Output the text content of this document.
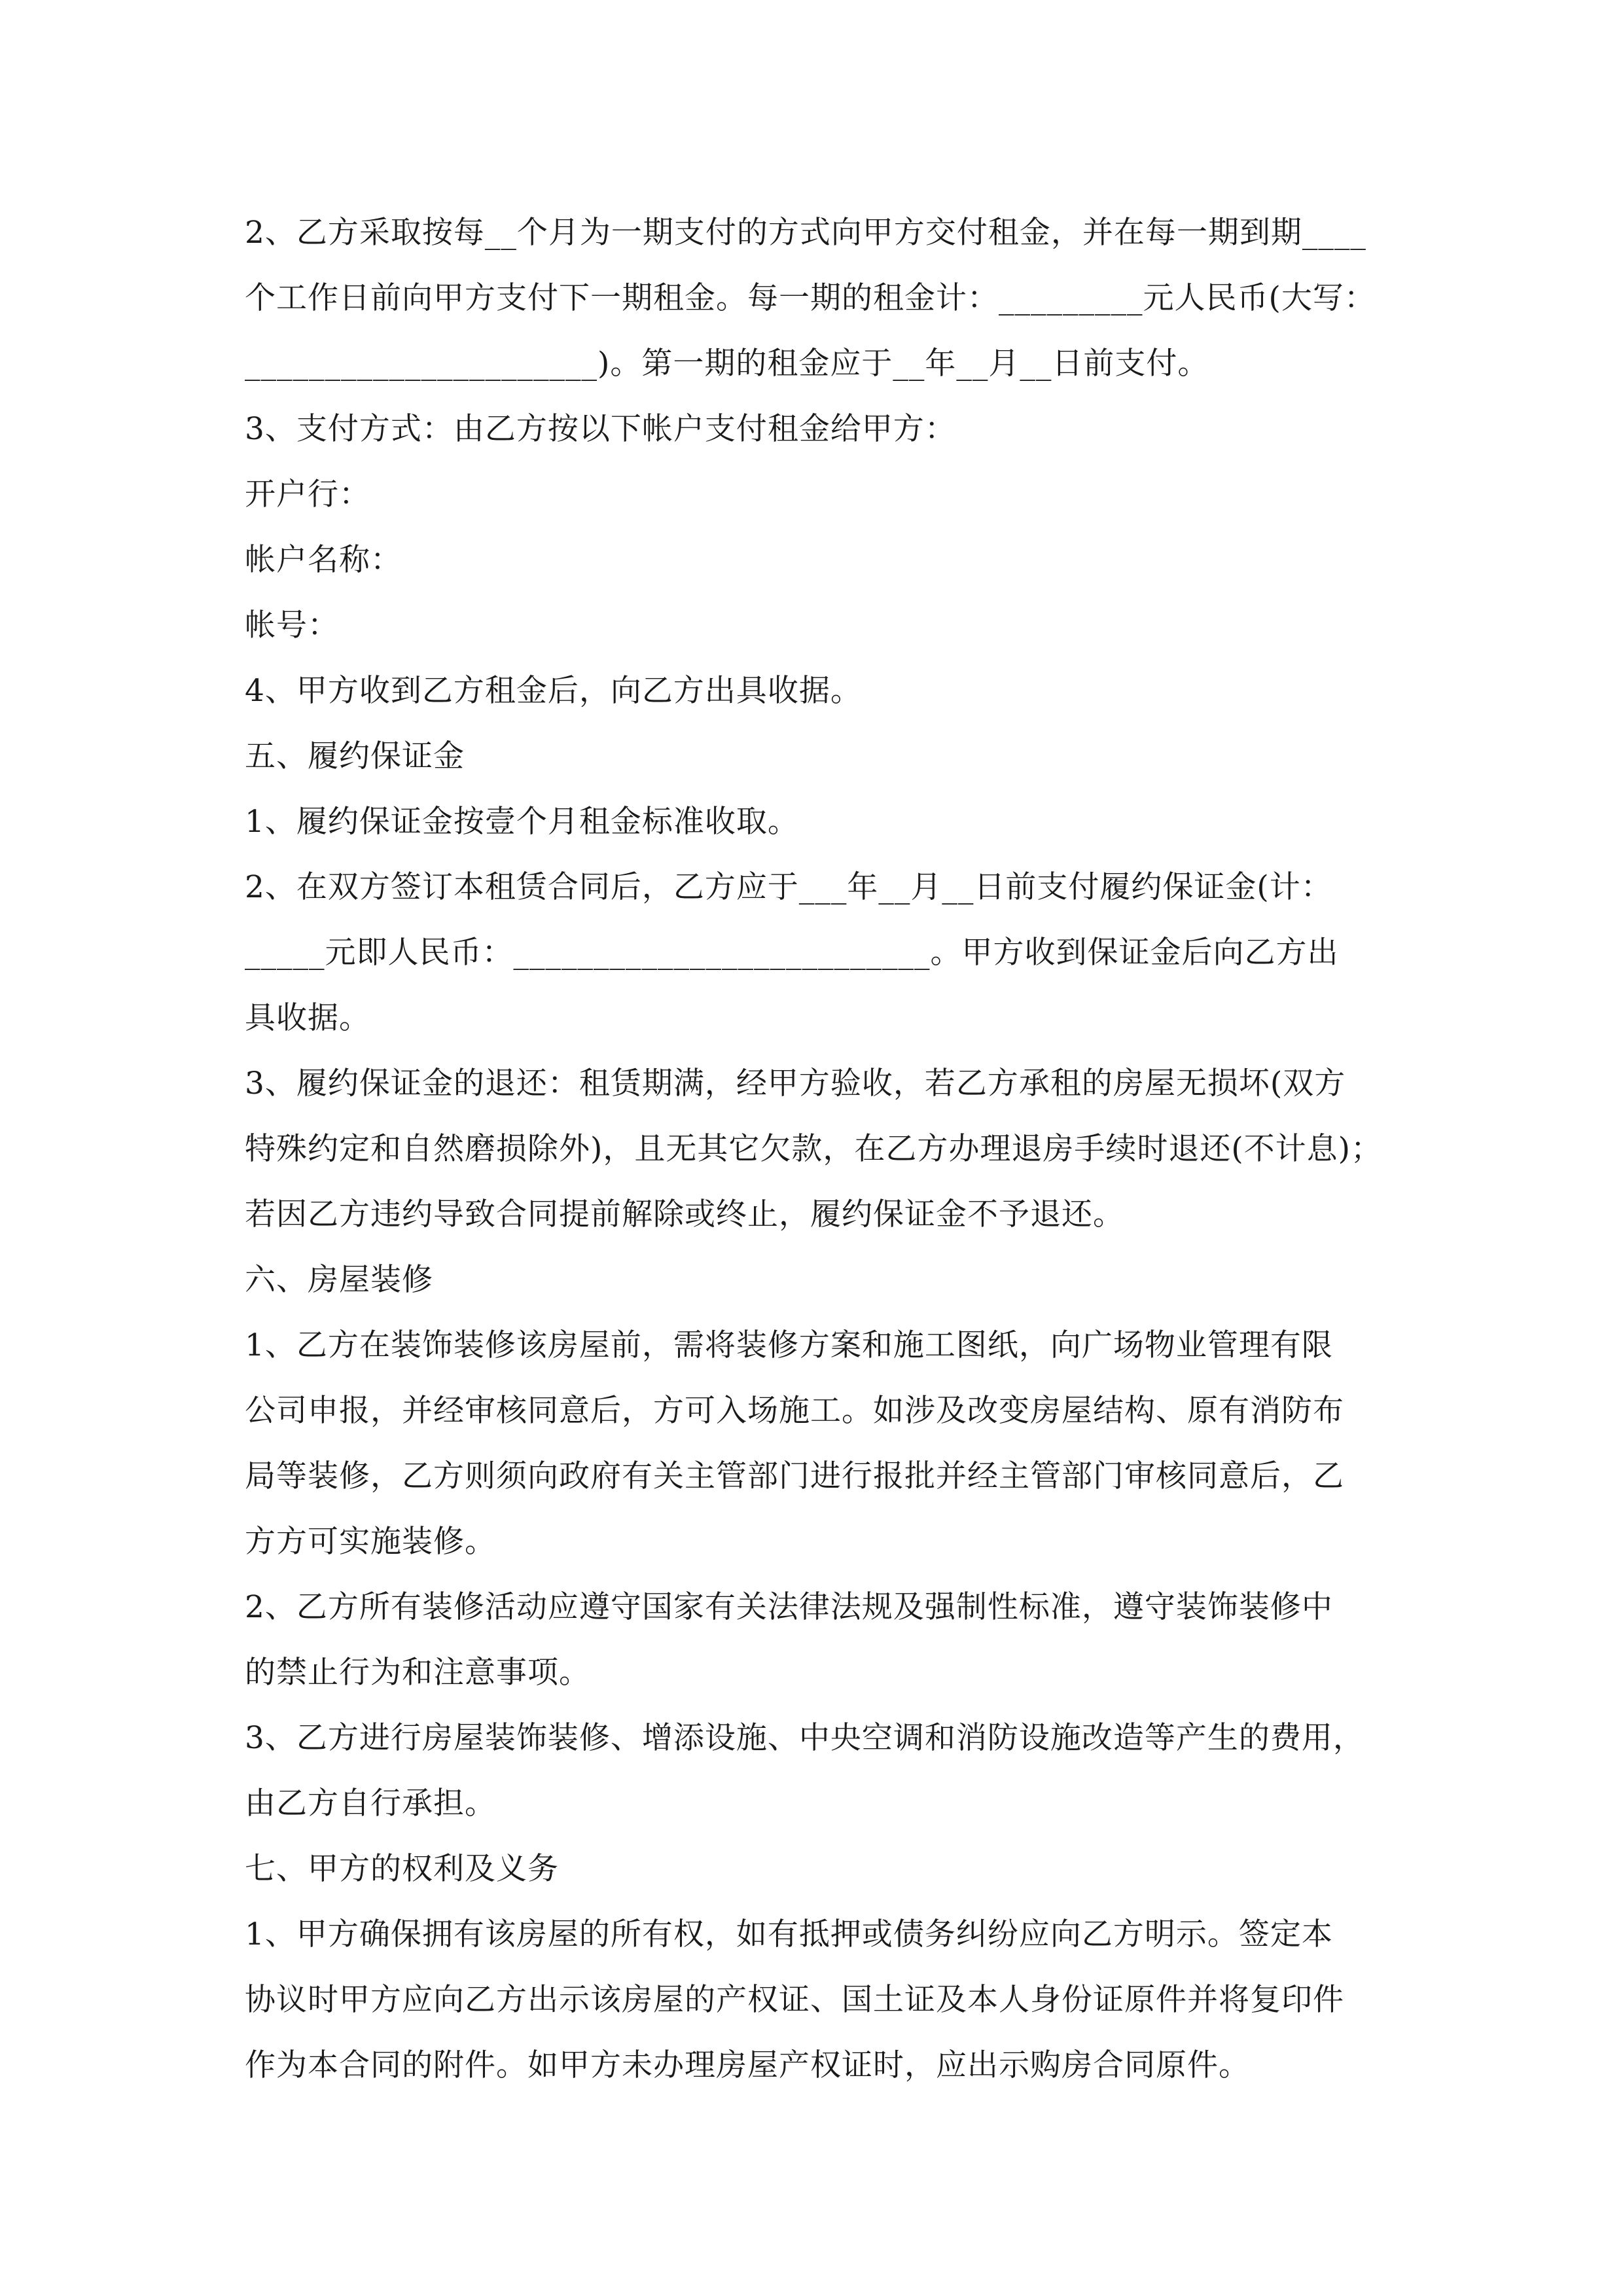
2、乙方采取按每__个月为一期支付的方式向甲方交付租金，并在每一期到期____
个工作日前向甲方支付下一期租金。每一期的租金计：_________元人民币(大写：
______________________)。第一期的租金应于__年__月__日前支付。
3、支付方式：由乙方按以下帐户支付租金给甲方：
开户行：
帐户名称：
帐号：
4、甲方收到乙方租金后，向乙方出具收据。
五、履约保证金
1、履约保证金按壹个月租金标准收取。
2、在双方签订本租赁合同后，乙方应于___年__月__日前支付履约保证金(计：
_____元即人民币：__________________________。甲方收到保证金后向乙方出
具收据。
3、履约保证金的退还：租赁期满，经甲方验收，若乙方承租的房屋无损坏(双方
特殊约定和自然磨损除外)，且无其它欠款，在乙方办理退房手续时退还(不计息)；
若因乙方违约导致合同提前解除或终止，履约保证金不予退还。
六、房屋装修
1、乙方在装饰装修该房屋前，需将装修方案和施工图纸，向广场物业管理有限
公司申报，并经审核同意后，方可入场施工。如涉及改变房屋结构、原有消防布
局等装修，乙方则须向政府有关主管部门进行报批并经主管部门审核同意后，乙
方方可实施装修。
2、乙方所有装修活动应遵守国家有关法律法规及强制性标准，遵守装饰装修中
的禁止行为和注意事项。
3、乙方进行房屋装饰装修、增添设施、中央空调和消防设施改造等产生的费用，
由乙方自行承担。
七、甲方的权利及义务
1、甲方确保拥有该房屋的所有权，如有抵押或债务纠纷应向乙方明示。签定本
协议时甲方应向乙方出示该房屋的产权证、国土证及本人身份证原件并将复印件
作为本合同的附件。如甲方未办理房屋产权证时，应出示购房合同原件。
